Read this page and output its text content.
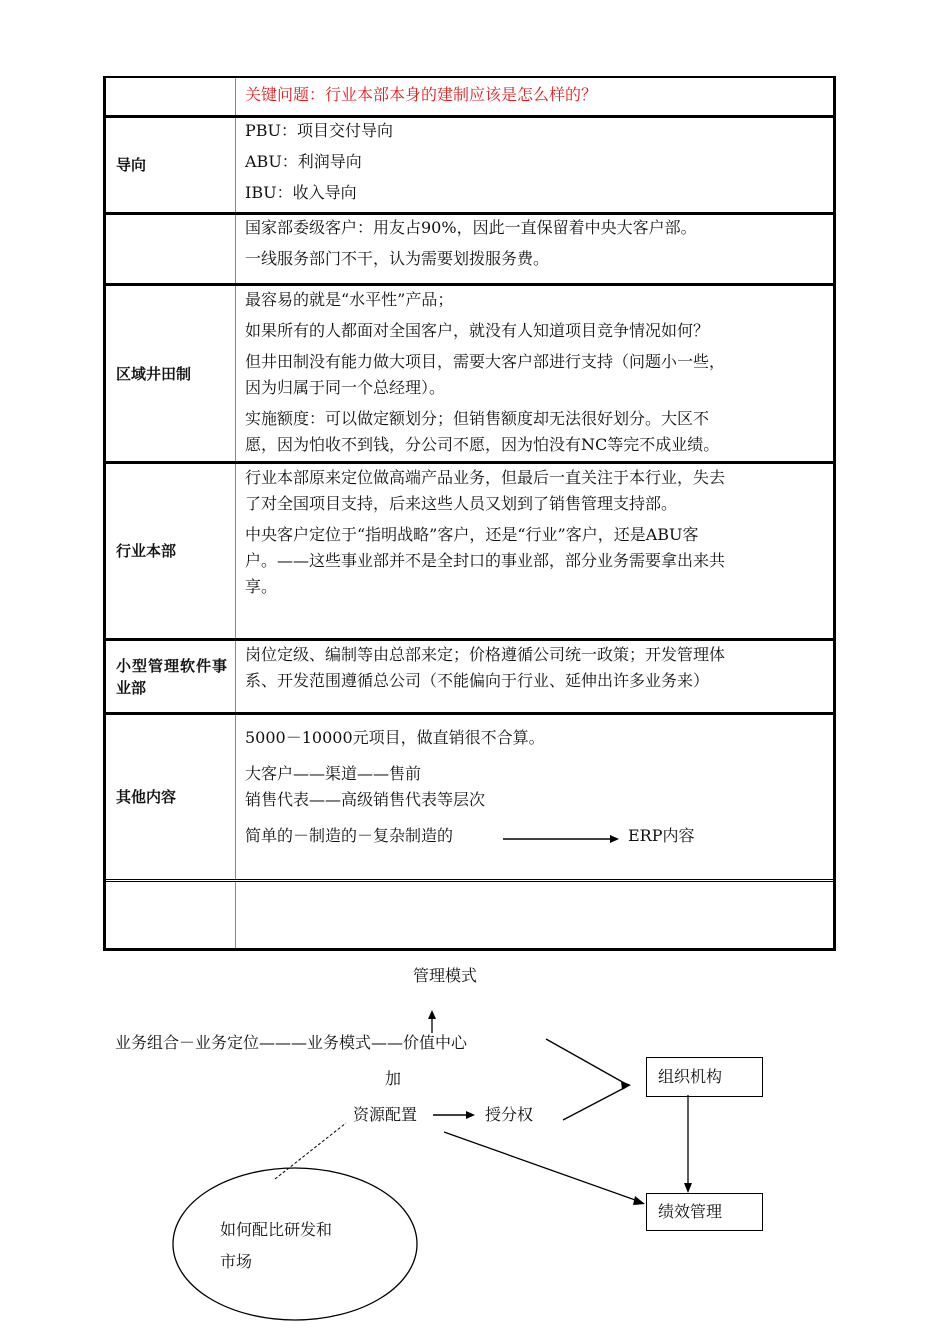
关键问题：行业本部本身的建制应该是怎么样的？
导向
PBU：项目交付导向
ABU：利润导向
IBU：收入导向
国家部委级客户：用友占90%，因此一直保留着中央大客户部。
一线服务部门不干，认为需要划拨服务费。
区域井田制
最容易的就是“水平性”产品；
如果所有的人都面对全国客户，就没有人知道项目竞争情况如何？
但井田制没有能力做大项目，需要大客户部进行支持（问题小一些，
因为归属于同一个总经理）。
实施额度：可以做定额划分；但销售额度却无法很好划分。大区不
愿，因为怕收不到钱，分公司不愿，因为怕没有NC等完不成业绩。
行业本部
行业本部原来定位做高端产品业务，但最后一直关注于本行业，失去
了对全国项目支持，后来这些人员又划到了销售管理支持部。
中央客户定位于“指明战略”客户，还是“行业”客户，还是ABU客
户。——这些事业部并不是全封口的事业部，部分业务需要拿出来共
享。
小型管理软件事业部
岗位定级、编制等由总部来定；价格遵循公司统一政策；开发管理体
系、开发范围遵循总公司（不能偏向于行业、延伸出许多业务来）
其他内容
5000－10000元项目，做直销很不合算。
大客户——渠道——售前
销售代表——高级销售代表等层次
简单的－制造的－复杂制造的	ERP内容
管理模式
业务组合－业务定位———业务模式——价值中心
加
资源配置	授分权
组织机构
绩效管理
如何配比研发和
市场
